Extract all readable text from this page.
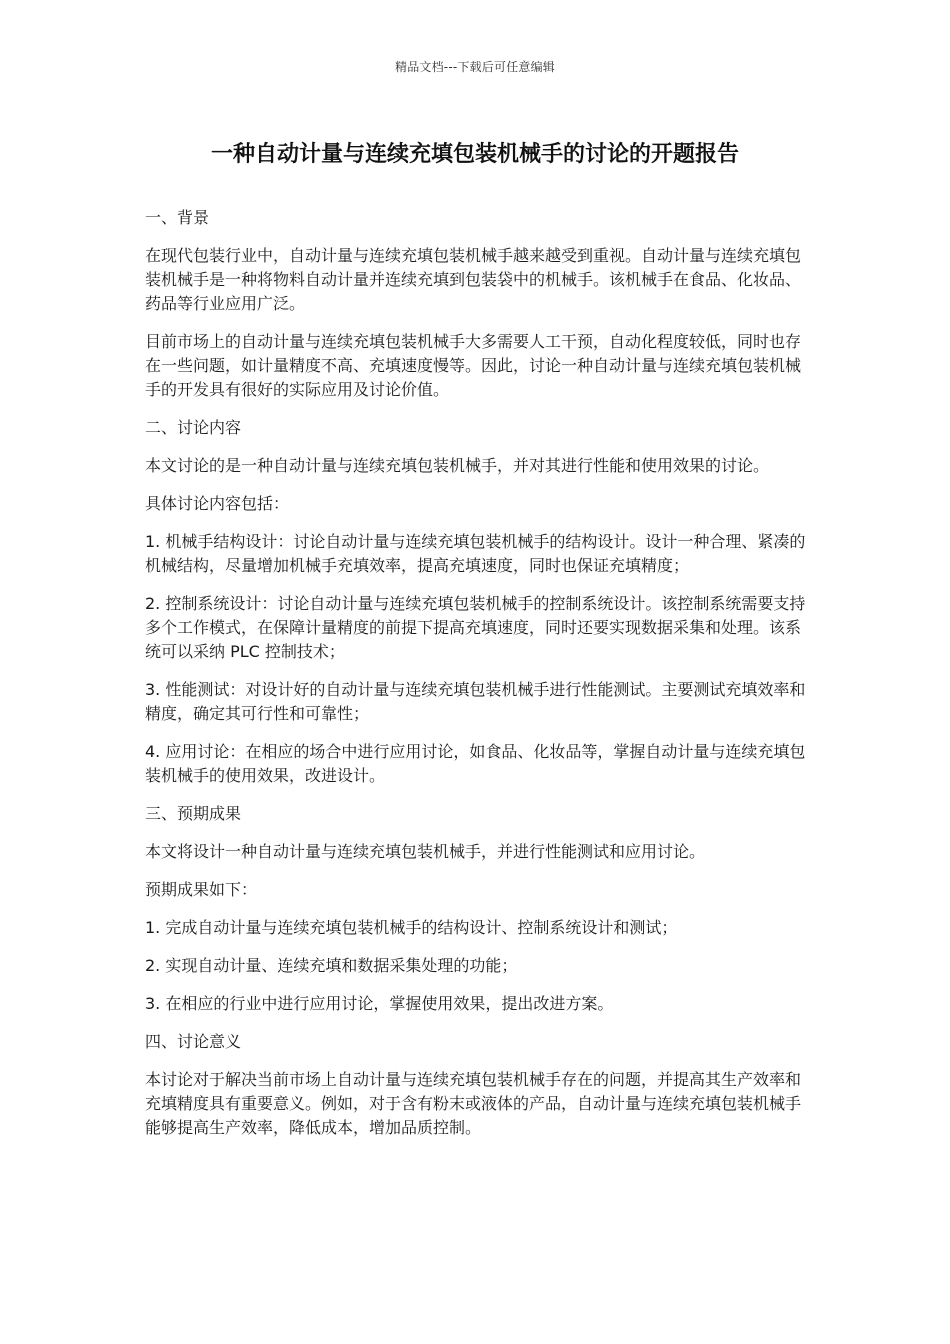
精品文档---下载后可任意编辑
一种自动计量与连续充填包装机械手的讨论的开题报告

一、背景

在现代包装行业中，自动计量与连续充填包装机械手越来越受到重视。自动计量与连续充填包装机械手是一种将物料自动计量并连续充填到包装袋中的机械手。该机械手在食品、化妆品、药品等行业应用广泛。

目前市场上的自动计量与连续充填包装机械手大多需要人工干预，自动化程度较低，同时也存在一些问题，如计量精度不高、充填速度慢等。因此，讨论一种自动计量与连续充填包装机械手的开发具有很好的实际应用及讨论价值。

二、讨论内容

本文讨论的是一种自动计量与连续充填包装机械手，并对其进行性能和使用效果的讨论。

具体讨论内容包括：

1. 机械手结构设计：讨论自动计量与连续充填包装机械手的结构设计。设计一种合理、紧凑的机械结构，尽量增加机械手充填效率，提高充填速度，同时也保证充填精度；

2. 控制系统设计：讨论自动计量与连续充填包装机械手的控制系统设计。该控制系统需要支持多个工作模式，在保障计量精度的前提下提高充填速度，同时还要实现数据采集和处理。该系统可以采纳 PLC 控制技术；

3. 性能测试：对设计好的自动计量与连续充填包装机械手进行性能测试。主要测试充填效率和精度，确定其可行性和可靠性；

4. 应用讨论：在相应的场合中进行应用讨论，如食品、化妆品等，掌握自动计量与连续充填包装机械手的使用效果，改进设计。

三、预期成果

本文将设计一种自动计量与连续充填包装机械手，并进行性能测试和应用讨论。

预期成果如下：

1. 完成自动计量与连续充填包装机械手的结构设计、控制系统设计和测试；

2. 实现自动计量、连续充填和数据采集处理的功能；

3. 在相应的行业中进行应用讨论，掌握使用效果，提出改进方案。

四、讨论意义

本讨论对于解决当前市场上自动计量与连续充填包装机械手存在的问题，并提高其生产效率和充填精度具有重要意义。例如，对于含有粉末或液体的产品，自动计量与连续充填包装机械手能够提高生产效率，降低成本，增加品质控制。
